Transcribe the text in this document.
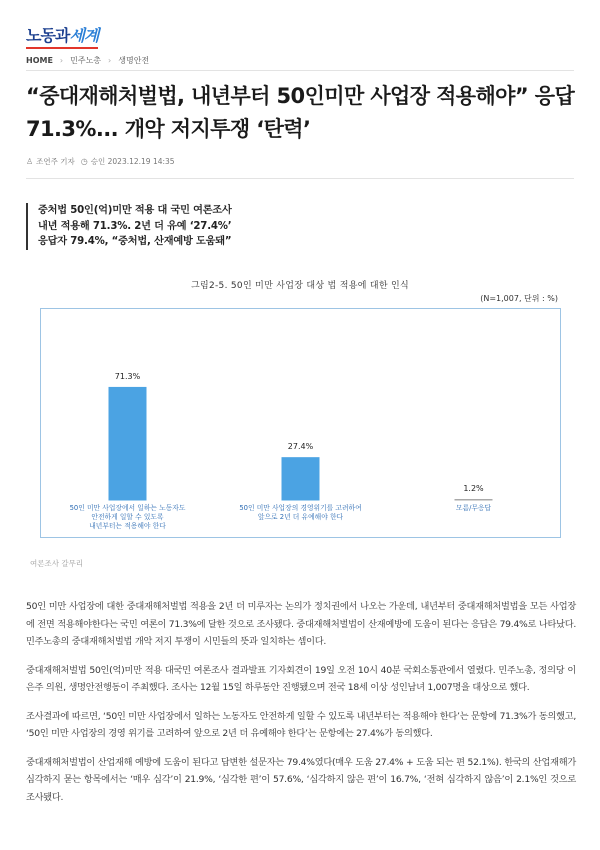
노동과세계
HOME › 민주노총 › 생명안전
“중대재해처벌법, 내년부터 50인미만 사업장 적용해야” 응답 71.3%... 개악 저지투쟁 ‘탄력’
♙ 조연주 기자 ◷ 승인 2023.12.19 14:35
중처법 50인(억)미만 적용 대 국민 여론조사
내년 적용해 71.3%. 2년 더 유예 ‘27.4%’
응답자 79.4%, “중처법, 산재예방 도움돼”
그림2-5. 50인 미만 사업장 대상 법 적용에 대한 인식
(N=1,007, 단위 : %)
71.3%
50인 미만 사업장에서 일하는 노동자도
안전하게 일할 수 있도록
내년부터는 적용해야 한다
27.4%
50인 미만 사업장의 경영위기를 고려하여
앞으로 2년 더 유예해야 한다
1.2%
모름/무응답
여론조사 갈무리

50인 미만 사업장에 대한 중대재해처벌법 적용을 2년 더 미루자는 논의가 정치권에서 나오는 가운데, 내년부터 중대재해처벌법을 모든 사업장에 전면 적용해야한다는 국민 여론이 71.3%에 달한 것으로 조사됐다. 중대재해처벌법이 산재예방에 도움이 된다는 응답은 79.4%로 나타났다. 민주노총의 중대재해처벌법 개악 저지 투쟁이 시민들의 뜻과 일치하는 셈이다.

중대재해처벌법 50인(억)미만 적용 대국민 여론조사 결과발표 기자회견이 19일 오전 10시 40분 국회소통관에서 열렸다. 민주노총, 정의당 이은주 의원, 생명안전행동이 주최했다. 조사는 12월 15일 하루동안 진행됐으며 전국 18세 이상 성인남녀 1,007명을 대상으로 했다.

조사결과에 따르면, ‘50인 미만 사업장에서 일하는 노동자도 안전하게 일할 수 있도록 내년부터는 적용해야 한다’는 문항에 71.3%가 동의했고, ‘50인 미만 사업장의 경영 위기를 고려하여 앞으로 2년 더 유예해야 한다’는 문항에는 27.4%가 동의했다.

중대재해처벌법이 산업재해 예방에 도움이 된다고 답변한 설문자는 79.4%였다(매우 도움 27.4% + 도움 되는 편 52.1%). 한국의 산업재해가 심각하지 묻는 항목에서는 ‘매우 심각’이 21.9%, ‘심각한 편’이 57.6%, ‘심각하지 않은 편’이 16.7%, ‘전혀 심각하지 않음’이 2.1%인 것으로 조사됐다.
